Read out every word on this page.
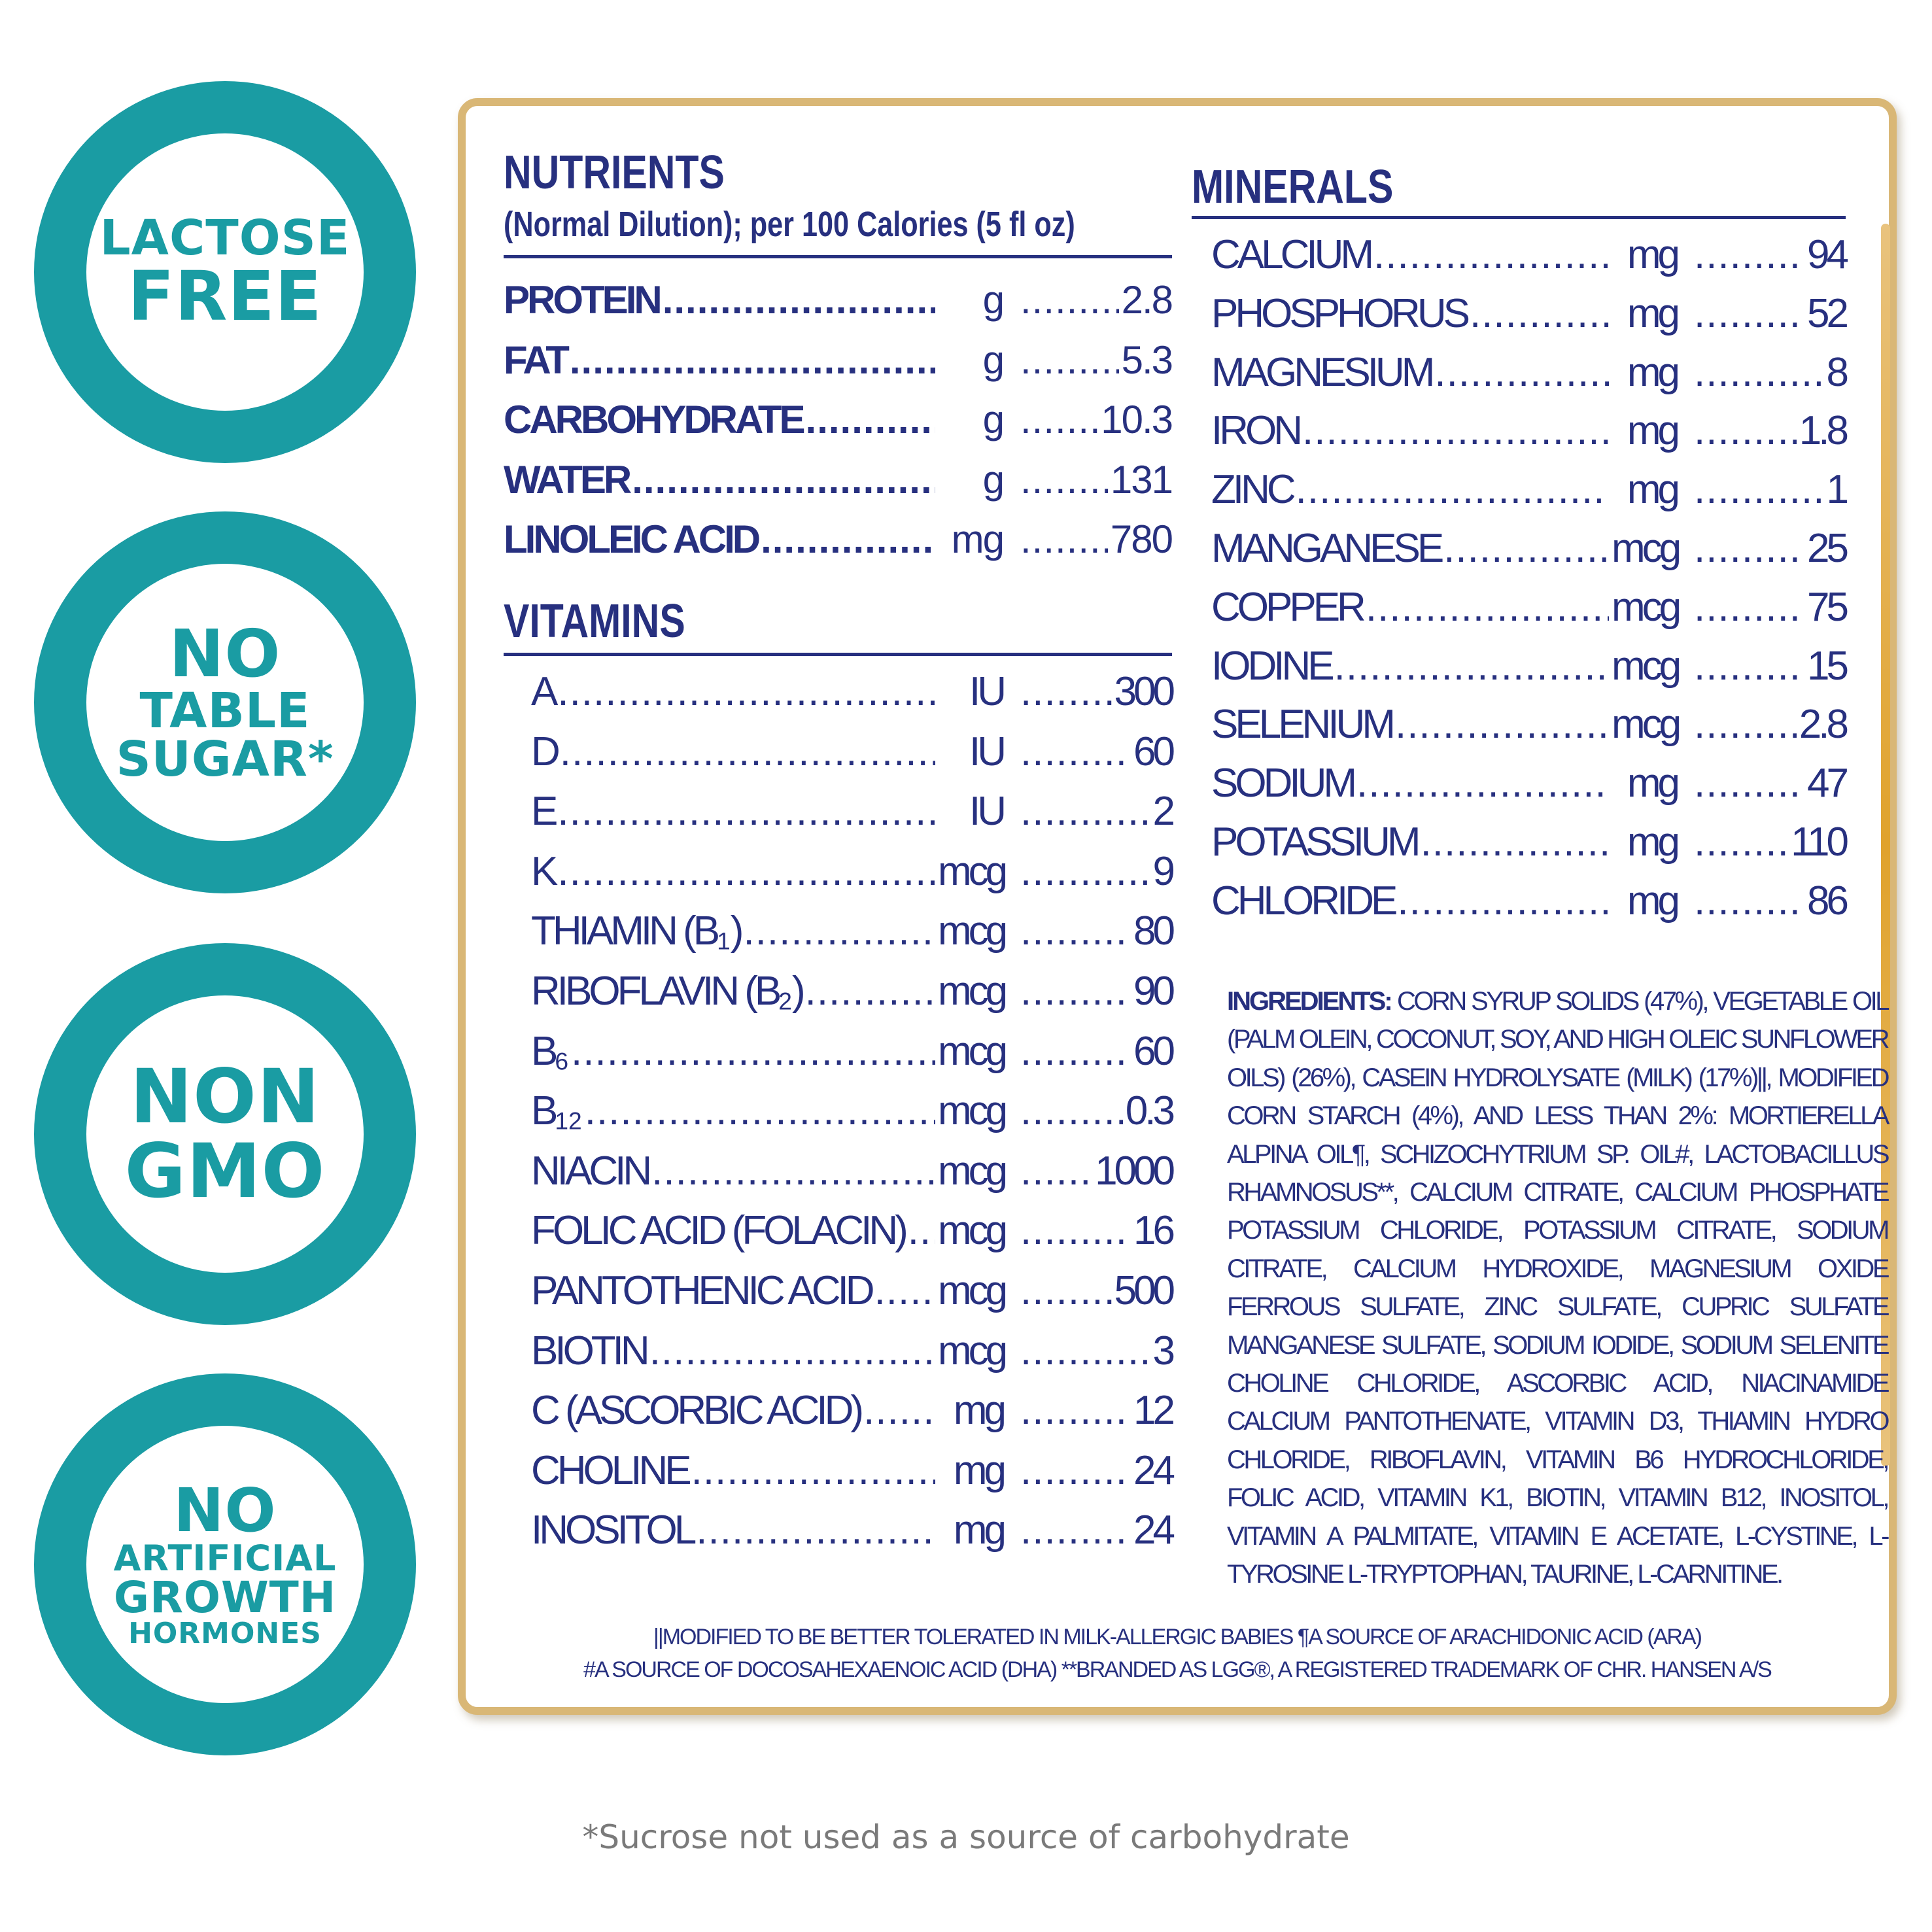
LACTOSE
FREE
NO
TABLE
SUGAR*
NON
GMO
NO
ARTIFICIAL
GROWTH
HORMONES
NUTRIENTS
(Normal Dilution); per 100 Calories (5 fl oz)
PROTEIN .....	g .....	2.8
FAT .....	g .....	5.3
CARBOHYDRATE .....	g ..... 10.3
WATER .....	g .....	131
LINOLEIC ACID .....	mg .....	780
VITAMINS
A .....	IU .....	300
D .....	IU .....	60
E .....	IU .....	2
K .....	mcg .....	9
THIAMIN $(B_1)$ .....	mcg .....	80
RIBOFLAVIN $(B_2)$ .....	mcg .....	90
$B_6$ .....	mcg .....	60
$B_{12}$ .....	mcg .....	0.3
NIACIN .....	mcg ..... 1000
FOLIC ACID (FOLACIN) ..... mcg .....	16
PANTOTHENIC ACID ..... mcg .....	500
BIOTIN .....	mcg .....	3
C (ASCORBIC ACID) .....	mg .....	12
CHOLINE .....	mg .....	24
INOSITOL .....	mg .....	24
MINERALS
CALCIUM .....	mg .....	94
PHOSPHORUS .....	mg .....	52
MAGNESIUM .....	mg .....	8
IRON .....	mg .....	1.8
ZINC .....	mg .....	1
MANGANESE .....	mcg .....	25
COPPER .....	mcg .....	75
IODINE .....	mcg .....	15
SELENIUM .....	mcg .....	2.8
SODIUM .....	mg .....	47
POTASSIUM .....	mg .....	110
CHLORIDE .....	mg .....	86
INGREDIENTS: CORN SYRUP SOLIDS (47%), VEGETABLE OIL (PALM OLEIN, COCONUT, SOY, AND HIGH OLEIC SUNFLOWER OILS) (26%), CASEIN HYDROLYSATE (MILK) (17%)||, MODIFIED CORN STARCH (4%), AND LESS THAN 2%: MORTIERELLA ALPINA OIL¶, SCHIZOCHYTRIUM SP. OIL#, LACTOBACILLUS RHAMNOSUS**, CALCIUM CITRATE, CALCIUM PHOSPHATE POTASSIUM CHLORIDE, POTASSIUM CITRATE, SODIUM CITRATE, CALCIUM HYDROXIDE, MAGNESIUM OXIDE FERROUS SULFATE, ZINC SULFATE, CUPRIC SULFATE MANGANESE SULFATE, SODIUM IODIDE, SODIUM SELENITE CHOLINE CHLORIDE, ASCORBIC ACID, NIACINAMIDE CALCIUM PANTOTHENATE, VITAMIN D3, THIAMIN HYDRO CHLORIDE, RIBOFLAVIN, VITAMIN B6 HYDROCHLORIDE, FOLIC ACID, VITAMIN K1, BIOTIN, VITAMIN B12, INOSITOL, VITAMIN A PALMITATE, VITAMIN E ACETATE, L-CYSTINE, L- TYROSINE L-TRYPTOPHAN, TAURINE, L-CARNITINE.
||MODIFIED TO BE BETTER TOLERATED IN MILK-ALLERGIC BABIES ¶A SOURCE OF ARACHIDONIC ACID (ARA)
#A SOURCE OF DOCOSAHEXAENOIC ACID (DHA) **BRANDED AS LGG®, A REGISTERED TRADEMARK OF CHR. HANSEN A/S
*Sucrose not used as a source of carbohydrate
